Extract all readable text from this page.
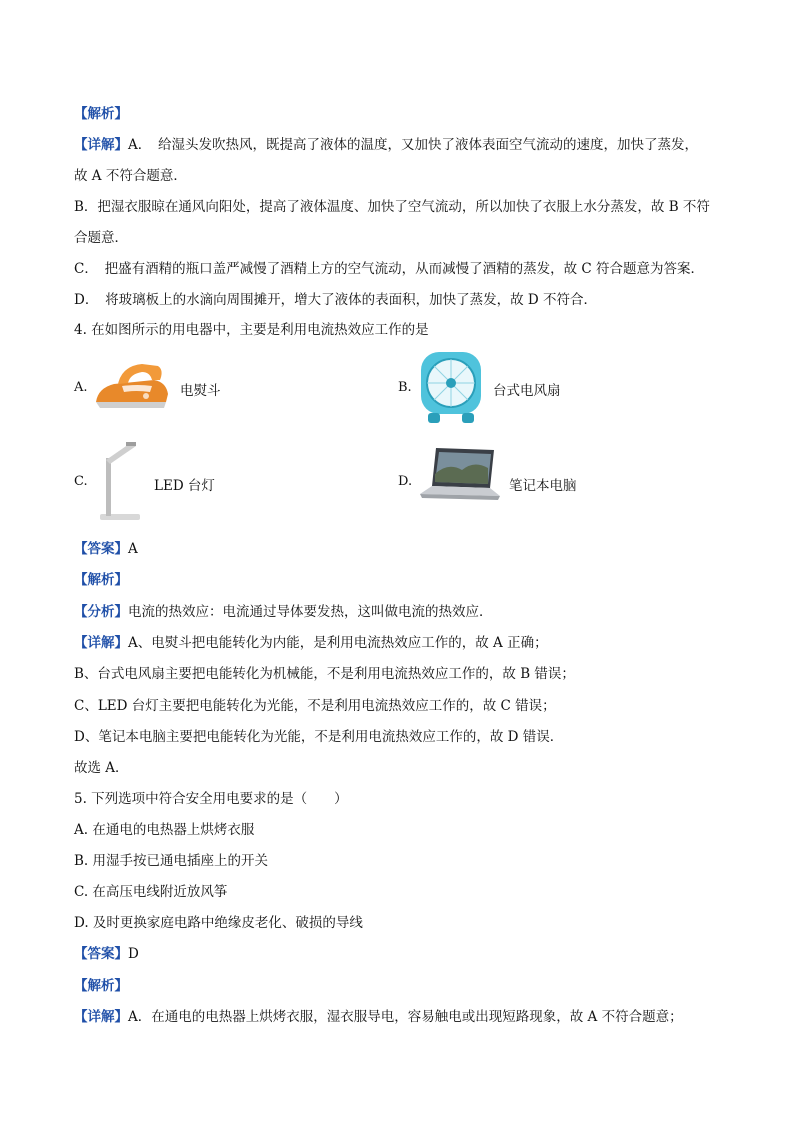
【解析】
【详解】A．　给湿头发吹热风，既提高了液体的温度，又加快了液体表面空气流动的速度，加快了蒸发，
故 A 不符合题意．
B．把湿衣服晾在通风向阳处，提高了液体温度、加快了空气流动，所以加快了衣服上水分蒸发，故 B 不符
合题意．
C．　把盛有酒精的瓶口盖严减慢了酒精上方的空气流动，从而减慢了酒精的蒸发，故 C 符合题意为答案．
D．　将玻璃板上的水滴向周围摊开，增大了液体的表面积，加快了蒸发，故 D 不符合．
4. 在如图所示的用电器中，主要是利用电流热效应工作的是
A.	电熨斗	B.	台式电风扇
C.	LED 台灯	D.	笔记本电脑
【答案】A
【解析】
【分析】电流的热效应：电流通过导体要发热，这叫做电流的热效应．
【详解】A、电熨斗把电能转化为内能，是利用电流热效应工作的，故 A 正确；
B、台式电风扇主要把电能转化为机械能，不是利用电流热效应工作的，故 B 错误；
C、LED 台灯主要把电能转化为光能，不是利用电流热效应工作的，故 C 错误；
D、笔记本电脑主要把电能转化为光能，不是利用电流热效应工作的，故 D 错误．
故选 A．
5. 下列选项中符合安全用电要求的是（　　）
A. 在通电的电热器上烘烤衣服
B. 用湿手按已通电插座上的开关
C. 在高压电线附近放风筝
D. 及时更换家庭电路中绝缘皮老化、破损的导线
【答案】D
【解析】
【详解】A．在通电的电热器上烘烤衣服，湿衣服导电，容易触电或出现短路现象，故 A 不符合题意；
